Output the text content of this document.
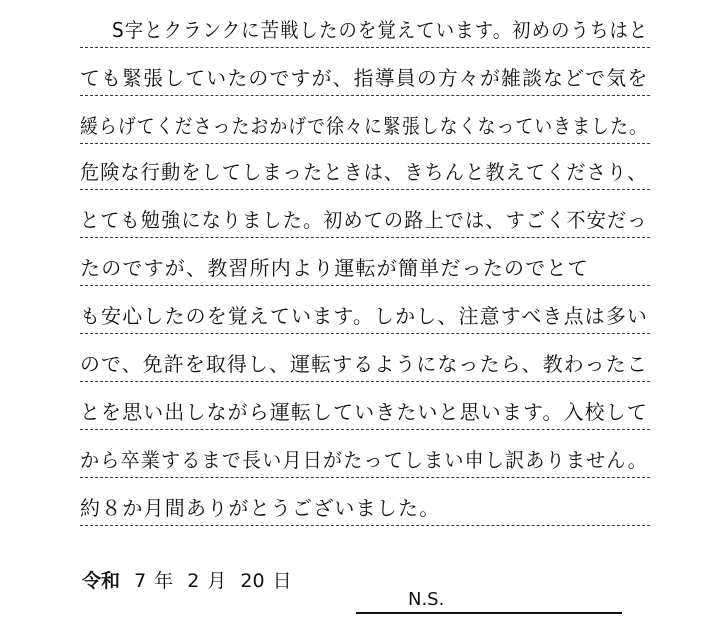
S字とクランクに苦戦したのを覚えています。初めのうちはと
ても緊張していたのですが、指導員の方々が雑談などで気を
緩らげてくださったおかげで徐々に緊張しなくなっていきました。
危険な行動をしてしまったときは、きちんと教えてくださり、
とても勉強になりました。初めての路上では、すごく不安だっ
たのですが、教習所内より運転が簡単だったのでとて
も安心したのを覚えています。しかし、注意すべき点は多い
ので、免許を取得し、運転するようになったら、教わったこ
とを思い出しながら運転していきたいと思います。入校して
から卒業するまで長い月日がたってしまい申し訳ありません。
約８か月間ありがとうございました。
令和 7 年 2 月 20 日
N.S.
